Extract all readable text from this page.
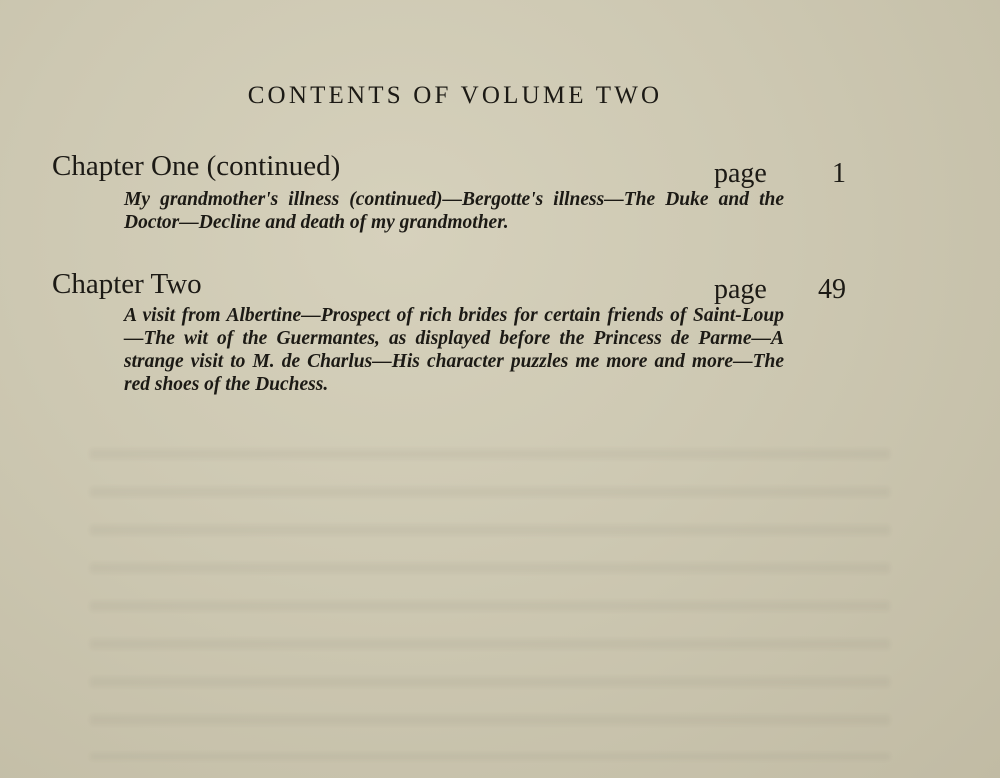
CONTENTS OF VOLUME TWO
Chapter One (continued)	page 1
My grandmother's illness (continued)—Bergotte's illness—The Duke and the Doctor—Decline and death of my grandmother.
Chapter Two	page 49
A visit from Albertine—Prospect of rich brides for certain friends of Saint-Loup—The wit of the Guermantes, as displayed before the Princess de Parme—A strange visit to M. de Charlus—His character puzzles me more and more—The red shoes of the Duchess.
